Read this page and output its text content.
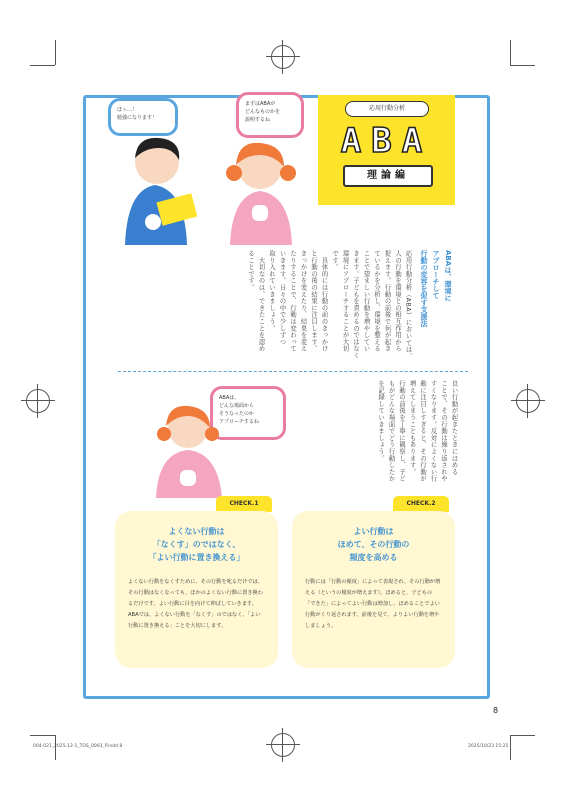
ほぅ…！
勉強になります！
まずはABAが
どんなものかを
説明するね
ABAは、
どんな場面から
そうなったのか
アプローチするね
応用行動分析
ABA
理論編
ABAは、環境に
アプローチして
行動の変容を促す支援法
応用行動分析（ABA）においては、
人の行動を環境との相互作用から
捉えます。行動の前後で何が起き
ているかを分析し、環境を整える
ことで望ましい行動を増やしてい
きます。子どもを責めるのではなく
環境にアプローチすることが大切
です。
　具体的には行動の前のきっかけ
と行動の後の結果に注目します。
きっかけを変えたり、結果を変え
たりすることで、行動は変わって
いきます。日々の中で少しずつ
取り入れていきましょう。
　大切なのは、できたことを認め
ることです。
良い行動が起きたときにほめる
ことで、その行動は繰り返されや
すくなります。反対によくない行
動に注目しすぎると、その行動が
増えてしまうこともあります。
行動の前後を丁寧に観察し、子ど
もがどんな場面でどう行動したか
を記録していきましょう。
CHECK.1
よくない行動は
「なくす」のではなく、
「よい行動に置き換える」
よくない行動をなくすために、その行動を叱るだけでは、その行動はなくなっても、ほかのよくない行動に置き換わるだけです。よい行動に目を向けて伸ばしていきます。ABAでは、よくない行動を「なくす」のではなく、「よい行動に置き換える」ことを大切にします。
CHECK.2
よい行動は
ほめて、その行動の
頻度を高める
行動には「行動の頻度」によって表現され、その行動が増える（というの頻度が増えます）。ほめると、子どもの「できた」によってよい行動は増加し、ほめることでよい行動がくり返されます。前後を見て、よりよい行動を増やしましょう。
8
004-021_2025-12-1_TOS_0003_P.indd 8	2025/10/23 15:25
